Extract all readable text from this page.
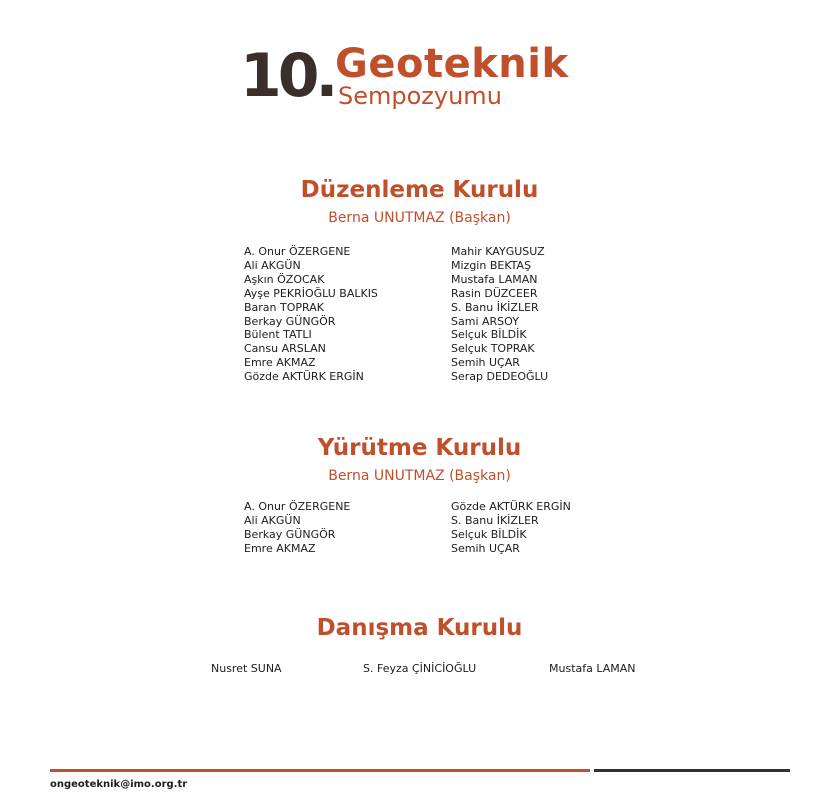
10. Geoteknik
Sempozyumu
Düzenleme Kurulu
Berna UNUTMAZ (Başkan)
A. Onur ÖZERGENE
Ali AKGÜN
Aşkın ÖZOCAK
Ayşe PEKRİOĞLU BALKIS
Baran TOPRAK
Berkay GÜNGÖR
Bülent TATLI
Cansu ARSLAN
Emre AKMAZ
Gözde AKTÜRK ERGİN
Mahir KAYGUSUZ
Mizgin BEKTAŞ
Mustafa LAMAN
Rasin DÜZCEER
S. Banu İKİZLER
Sami ARSOY
Selçuk BİLDİK
Selçuk TOPRAK
Semih UÇAR
Serap DEDEOĞLU
Yürütme Kurulu
Berna UNUTMAZ (Başkan)
A. Onur ÖZERGENE
Ali AKGÜN
Berkay GÜNGÖR
Emre AKMAZ
Gözde AKTÜRK ERGİN
S. Banu İKİZLER
Selçuk BİLDİK
Semih UÇAR
Danışma Kurulu
Nusret SUNA	S. Feyza ÇİNİCİOĞLU	Mustafa LAMAN
ongeoteknik@imo.org.tr
